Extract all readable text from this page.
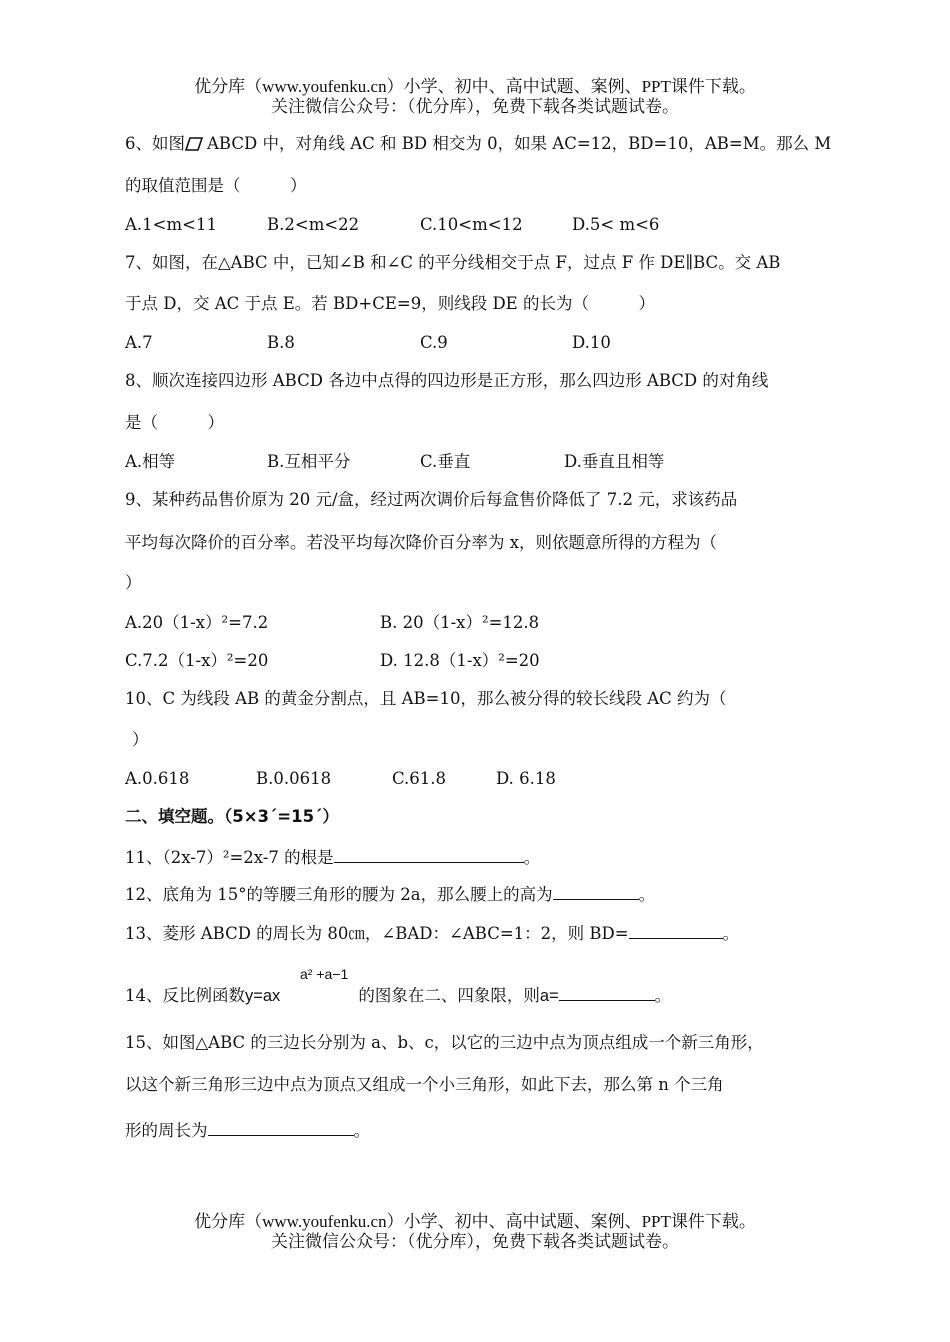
优分库（www.youfenku.cn）小学、初中、高中试题、案例、PPT课件下载。
关注微信公众号：（优分库），免费下载各类试题试卷。
6、如图 ABCD 中，对角线 AC 和 BD 相交为 0，如果 AC=12，BD=10，AB=M。那么 M
的取值范围是（　　　）
A.1<m<11	B.2<m<22	C.10<m<12	D.5< m<6
7、如图，在△ABC 中，已知∠B 和∠C 的平分线相交于点 F，过点 F 作 DE∥BC。交 AB
于点 D，交 AC 于点 E。若 BD+CE=9，则线段 DE 的长为（　　　）
A.7	B.8	C.9	D.10
8、顺次连接四边形 ABCD 各边中点得的四边形是正方形，那么四边形 ABCD 的对角线
是（　　　）
A.相等	B.互相平分	C.垂直	D.垂直且相等
9、某种药品售价原为 20 元/盒，经过两次调价后每盒售价降低了 7.2 元，求该药品
平均每次降价的百分率。若没平均每次降价百分率为 x，则依题意所得的方程为（
）
A.20（1-x）²=7.2	B. 20（1-x）²=12.8
C.7.2（1-x）²=20	D. 12.8（1-x）²=20
10、C 为线段 AB 的黄金分割点，且 AB=10，那么被分得的较长线段 AC 约为（
）
A.0.618	B.0.0618	C.61.8	D. 6.18
二、填空题。（5×3´=15´）
11、（2x-7）²=2x-7 的根是	。
12、底角为 15°的等腰三角形的腰为 2a，那么腰上的高为	。
13、菱形 ABCD 的周长为 80㎝，∠BAD：∠ABC=1：2，则 BD=	。
a² +a−1
14、反比例函数y=ax	的图象在二、四象限，则a=	。
15、如图△ABC 的三边长分别为 a、b、c，以它的三边中点为顶点组成一个新三角形，
以这个新三角形三边中点为顶点又组成一个小三角形，如此下去，那么第 n 个三角
形的周长为	。
优分库（www.youfenku.cn）小学、初中、高中试题、案例、PPT课件下载。
关注微信公众号：（优分库），免费下载各类试题试卷。
